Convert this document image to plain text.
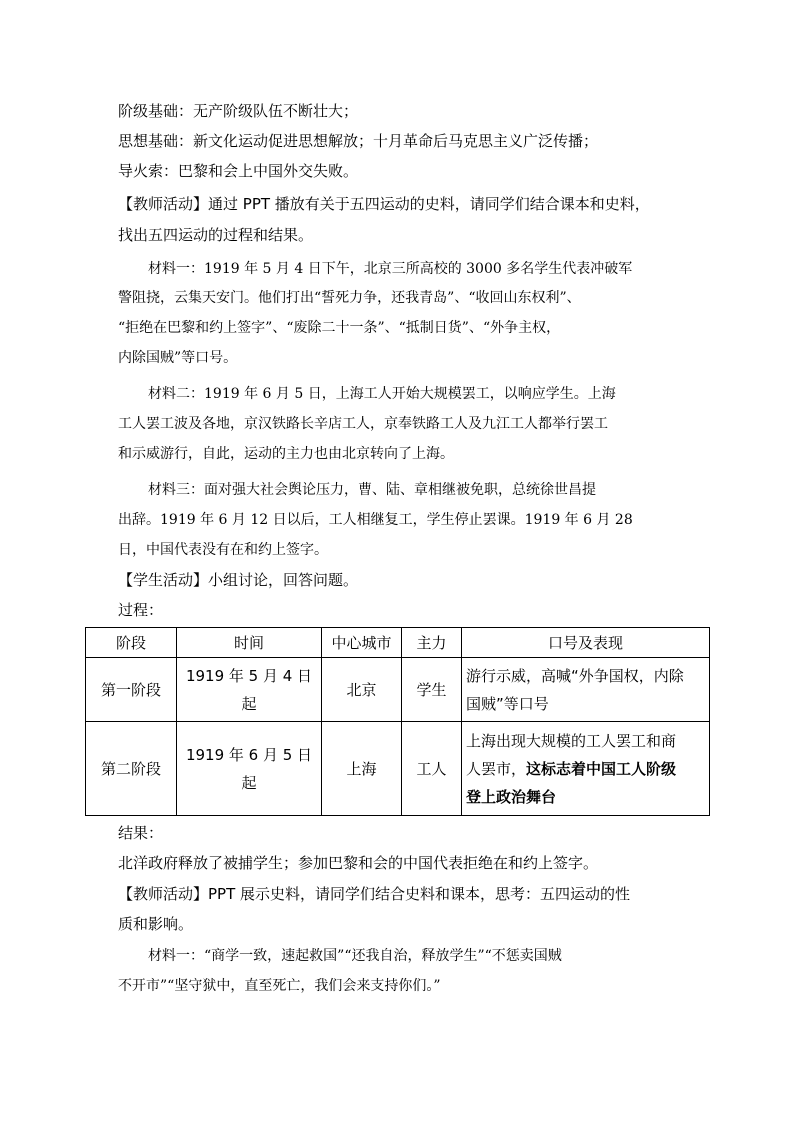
阶级基础：无产阶级队伍不断壮大；
思想基础：新文化运动促进思想解放；十月革命后马克思主义广泛传播；
导火索：巴黎和会上中国外交失败。
【教师活动】通过 PPT 播放有关于五四运动的史料，请同学们结合课本和史料，
找出五四运动的过程和结果。
材料一：1919 年 5 月 4 日下午，北京三所高校的 3000 多名学生代表冲破军
警阻挠，云集天安门。他们打出“誓死力争，还我青岛”、“收回山东权利”、
“拒绝在巴黎和约上签字”、“废除二十一条”、“抵制日货”、“外争主权，
内除国贼”等口号。
材料二：1919 年 6 月 5 日，上海工人开始大规模罢工，以响应学生。上海
工人罢工波及各地，京汉铁路长辛店工人，京奉铁路工人及九江工人都举行罢工
和示威游行，自此，运动的主力也由北京转向了上海。
材料三：面对强大社会舆论压力，曹、陆、章相继被免职，总统徐世昌提
出辞。1919 年 6 月 12 日以后，工人相继复工，学生停止罢课。1919 年 6 月 28
日，中国代表没有在和约上签字。
【学生活动】小组讨论，回答问题。
过程：
阶段	时间	中心城市	主力	口号及表现
第一阶段	1919 年 5 月 4 日起	北京	学生	游行示威，高喊“外争国权，内除
国贼”等口号

第二阶段	1919 年 6 月 5 日起	上海	工人	上海出现大规模的工人罢工和商
人罢市，这标志着中国工人阶级
登上政治舞台
结果：
北洋政府释放了被捕学生；参加巴黎和会的中国代表拒绝在和约上签字。
【教师活动】PPT 展示史料，请同学们结合史料和课本，思考：五四运动的性
质和影响。
材料一：“商学一致，速起救国”“还我自治，释放学生”“不惩卖国贼
不开市”“坚守狱中，直至死亡，我们会来支持你们。”
